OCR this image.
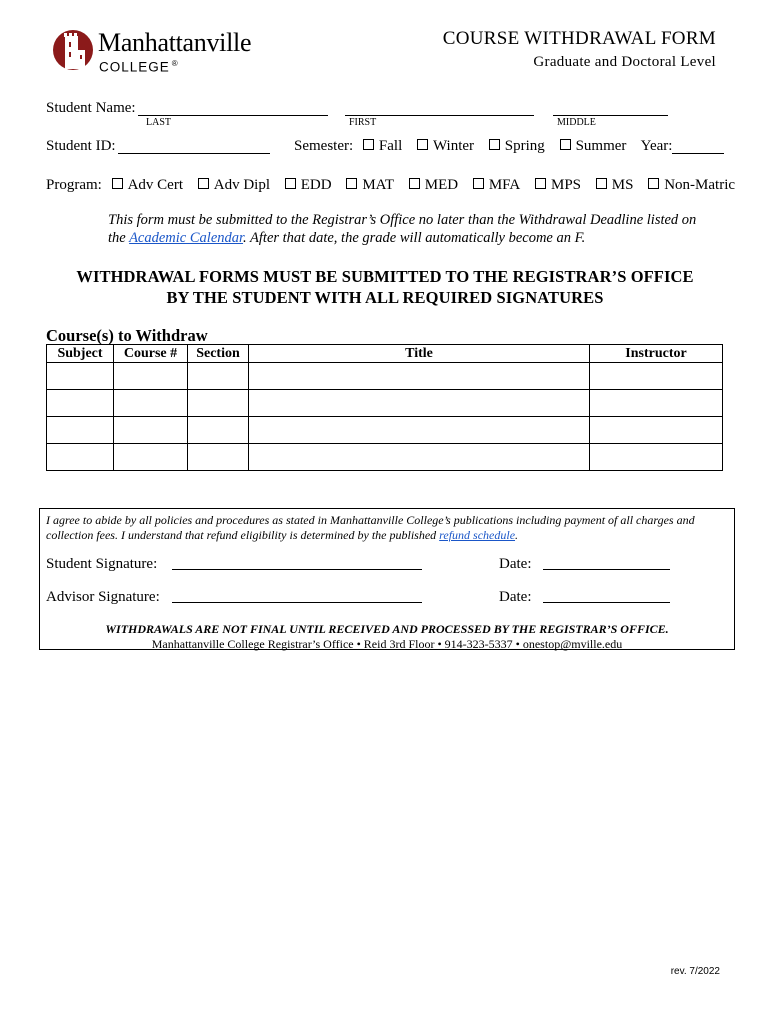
Manhattanville
COLLEGE ®
COURSE WITHDRAWAL FORM
Graduate and Doctoral Level
Student Name:
LAST	FIRST	MIDDLE
Student ID:	Semester: Fall Winter Spring Summer Year:
Program: Adv Cert Adv Dipl EDD MAT MED MFA MPS MS Non-Matric
This form must be submitted to the Registrar’s Office no later than the Withdrawal Deadline listed on the Academic Calendar. After that date, the grade will automatically become an F.
WITHDRAWAL FORMS MUST BE SUBMITTED TO THE REGISTRAR’S OFFICE
BY THE STUDENT WITH ALL REQUIRED SIGNATURES
Course(s) to Withdraw
Subject	Course #	Section	Title	Instructor

I agree to abide by all policies and procedures as stated in Manhattanville College’s publications including payment of all charges and collection fees. I understand that refund eligibility is determined by the published refund schedule.
Student Signature:	Date:
Advisor Signature:	Date:
WITHDRAWALS ARE NOT FINAL UNTIL RECEIVED AND PROCESSED BY THE REGISTRAR’S OFFICE.
Manhattanville College Registrar’s Office • Reid 3rd Floor • 914-323-5337 • onestop@mville.edu
rev. 7/2022
